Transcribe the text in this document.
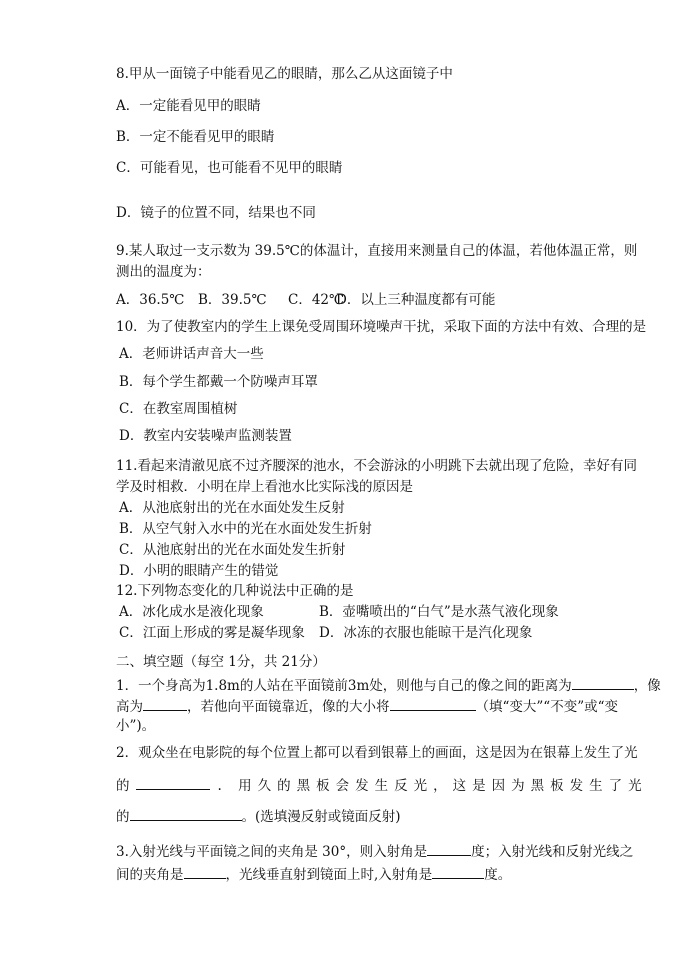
8.甲从一面镜子中能看见乙的眼睛，那么乙从这面镜子中
A．一定能看见甲的眼睛
B．一定不能看见甲的眼睛
C．可能看见，也可能看不见甲的眼睛
D．镜子的位置不同，结果也不同
9.某人取过一支示数为 39.5℃的体温计，直接用来测量自己的体温，若他体温正常，则
测出的温度为：
A．36.5℃ B．39.5℃ C．42℃D．以上三种温度都有可能
10．为了使教室内的学生上课免受周围环境噪声干扰，采取下面的方法中有效、合理的是
A．老师讲话声音大一些
B．每个学生都戴一个防噪声耳罩
C．在教室周围植树
D．教室内安装噪声监测装置
11.看起来清澈见底不过齐腰深的池水，不会游泳的小明跳下去就出现了危险，幸好有同
学及时相救．小明在岸上看池水比实际浅的原因是
A．从池底射出的光在水面处发生反射
B．从空气射入水中的光在水面处发生折射
C．从池底射出的光在水面处发生折射
D．小明的眼睛产生的错觉
12.下列物态变化的几种说法中正确的是
A．冰化成水是液化现象	B．壶嘴喷出的“白气”是水蒸气液化现象
C．江面上形成的雾是凝华现象 D．冰冻的衣服也能晾干是汽化现象
二、填空题（每空 1分，共 21分）
1．一个身高为1.8m的人站在平面镜前3m处，则他与自己的像之间的距离为	，像
高为	，若他向平面镜靠近，像的大小将	（填“变大”“不变”或“变
小”)。
2．观众坐在电影院的每个位置上都可以看到银幕上的画面，这是因为在银幕上发生了光
的	. 用久的黑板会发生反光，这是因为黑板发生了光
的	。(选填漫反射或镜面反射)
3.入射光线与平面镜之间的夹角是 30°，则入射角是	度；入射光线和反射光线之
间的夹角是	，光线垂直射到镜面上时,入射角是	度。
